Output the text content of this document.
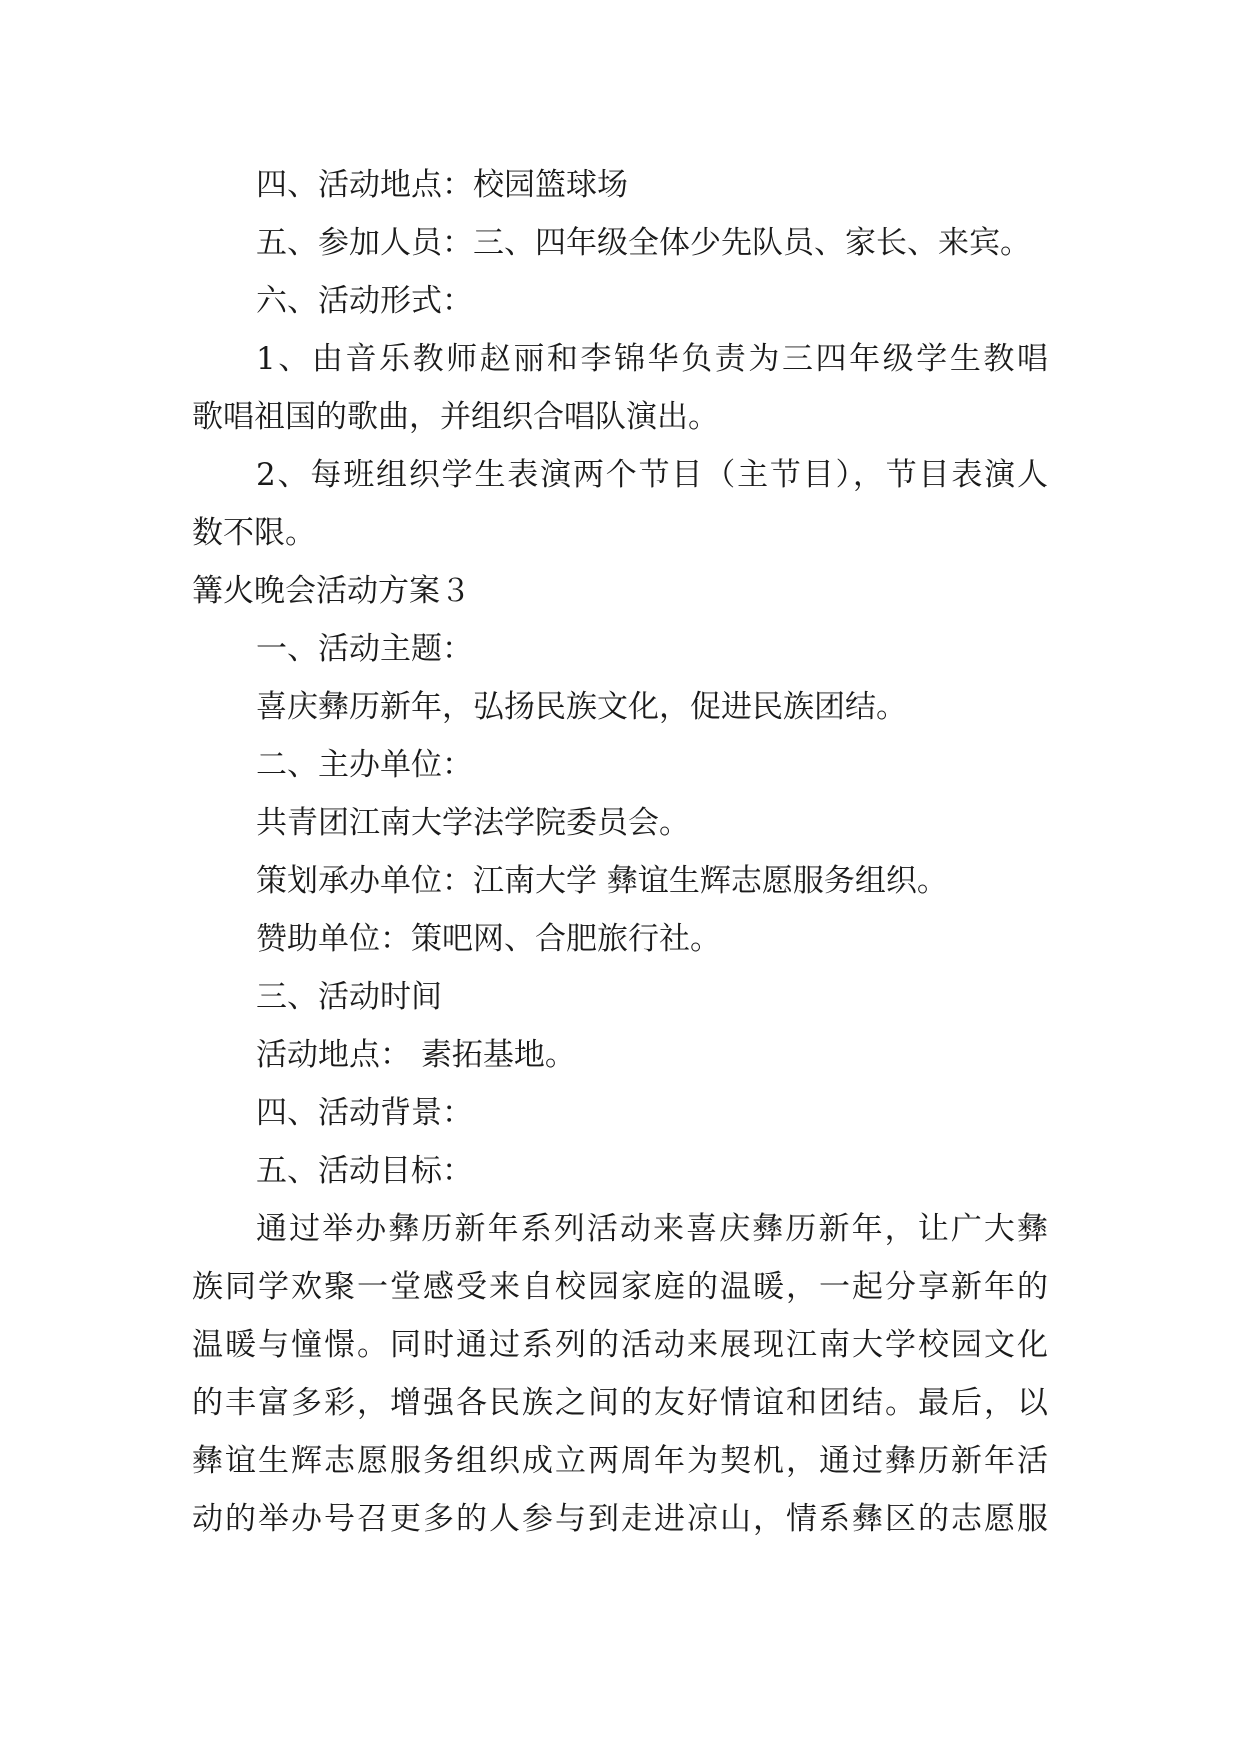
四、活动地点：校园篮球场
五、参加人员：三、四年级全体少先队员、家长、来宾。
六、活动形式：
1、由音乐教师赵丽和李锦华负责为三四年级学生教唱
歌唱祖国的歌曲，并组织合唱队演出。
2、每班组织学生表演两个节目（主节目），节目表演人
数不限。
篝火晚会活动方案３
一、活动主题：
喜庆彝历新年，弘扬民族文化，促进民族团结。
二、主办单位：
共青团江南大学法学院委员会。
策划承办单位：江南大学 彝谊生辉志愿服务组织。
赞助单位：策吧网、合肥旅行社。
三、活动时间
活动地点： 素拓基地。
四、活动背景：
五、活动目标：
通过举办彝历新年系列活动来喜庆彝历新年，让广大彝
族同学欢聚一堂感受来自校园家庭的温暖，一起分享新年的
温暖与憧憬。同时通过系列的活动来展现江南大学校园文化
的丰富多彩，增强各民族之间的友好情谊和团结。最后，以
彝谊生辉志愿服务组织成立两周年为契机，通过彝历新年活
动的举办号召更多的人参与到走进凉山，情系彝区的志愿服
